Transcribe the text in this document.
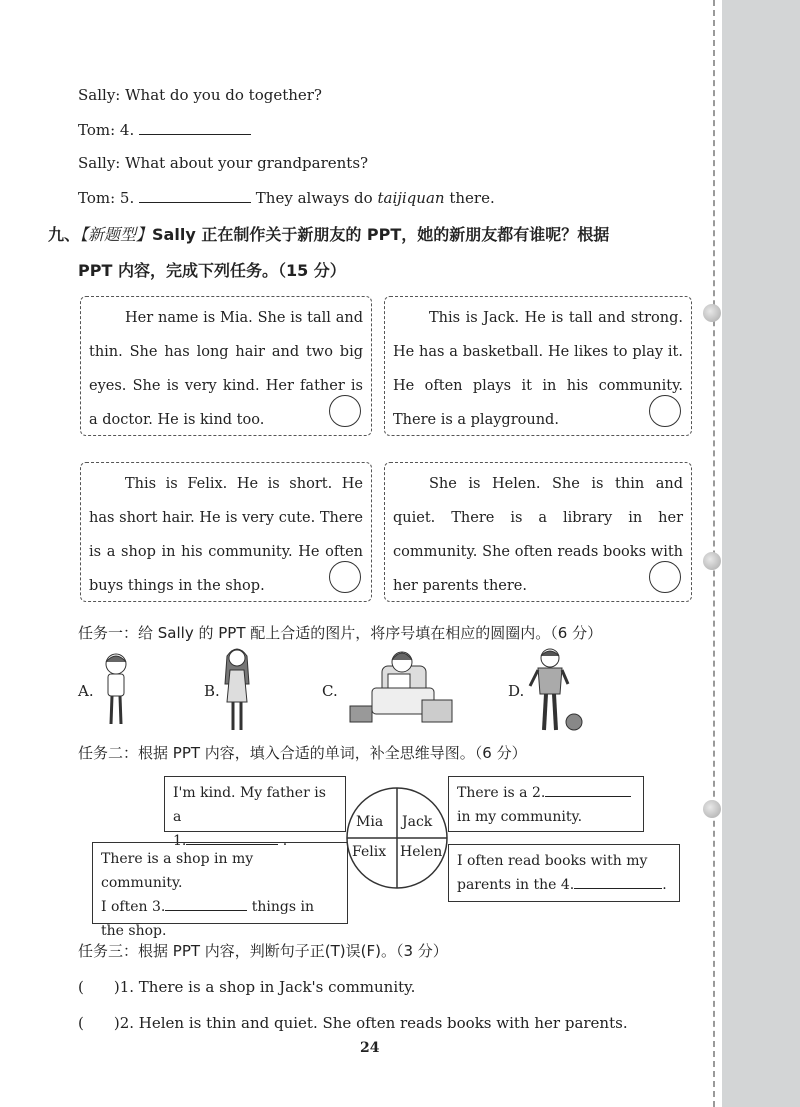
Sally: What do you do together?
Tom: 4.
Sally: What about your grandparents?
Tom: 5.	They always do taijiquan there.
九、【新题型】Sally 正在制作关于新朋友的 PPT，她的新朋友都有谁呢？根据
PPT 内容，完成下列任务。（15 分）

Her name is Mia. She is tall and thin. She has long hair and two big eyes. She is very kind. Her father is a doctor. He is kind too.

This is Jack. He is tall and strong. He has a basketball. He likes to play it. He often plays it in his community. There is a playground.

This is Felix. He is short. He has short hair. He is very cute. There is a shop in his community. He often buys things in the shop.

She is Helen. She is thin and quiet. There is a library in her community. She often reads books with her parents there.

任务一：给 Sally 的 PPT 配上合适的图片，将序号填在相应的圆圈内。（6 分）
A.	B.	C.	D.
任务二：根据 PPT 内容，填入合适的单词，补全思维导图。（6 分）
I'm kind. My father is a
1.	.
There is a 2.
in my community.
There is a shop in my community.
I often 3.	things in
the shop.
I often read books with my
parents in the 4.	.
Mia Jack
Felix Helen
任务三：根据 PPT 内容，判断句子正(T)误(F)。（3 分）
(　　)1. There is a shop in Jack's community.
(　　)2. Helen is thin and quiet. She often reads books with her parents.
24
